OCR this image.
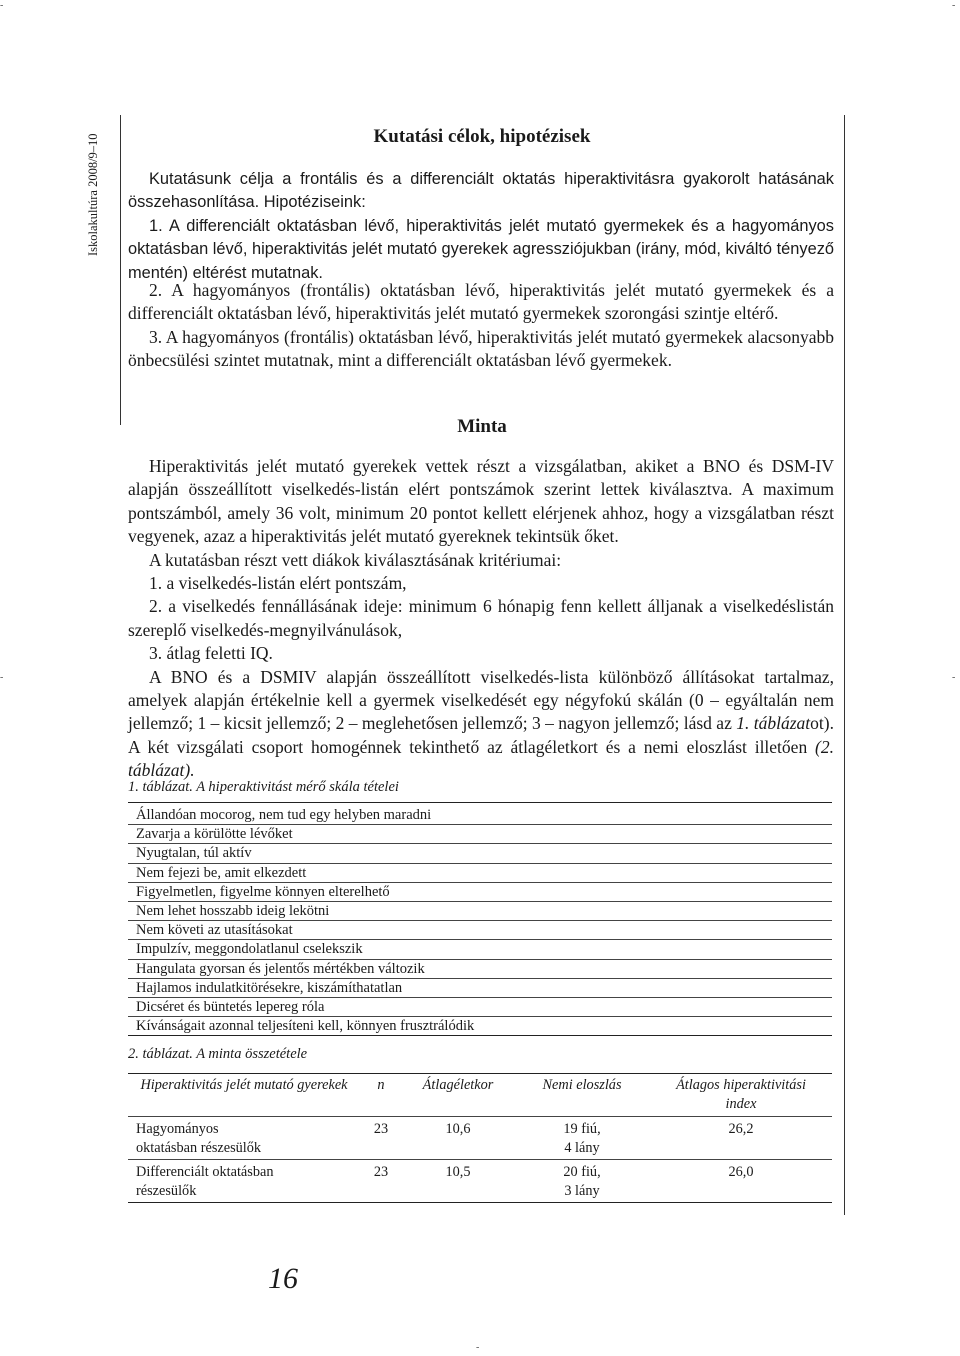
-	-
-	-
-
Iskolakultúra 2008/9–10	Kutatási célok, hipotézisek

Kutatásunk célja a frontális és a differenciált oktatás hiperaktivitásra gyakorolt hatásának összehasonlítása. Hipotéziseink:

1. A differenciált oktatásban lévő, hiperaktivitás jelét mutató gyermekek és a hagyományos oktatásban lévő, hiperaktivitás jelét mutató gyerekek agressziójukban (irány, mód, kiváltó tényező mentén) eltérést mutatnak.

2. A hagyományos (frontális) oktatásban lévő, hiperaktivitás jelét mutató gyermekek és a differenciált oktatásban lévő, hiperaktivitás jelét mutató gyermekek szorongási szintje eltérő.

3. A hagyományos (frontális) oktatásban lévő, hiperaktivitás jelét mutató gyermekek alacsonyabb önbecsülési szintet mutatnak, mint a differenciált oktatásban lévő gyermekek.

Minta

Hiperaktivitás jelét mutató gyerekek vettek részt a vizsgálatban, akiket a BNO és DSM-IV alapján összeállított viselkedés-listán elért pontszámok szerint lettek kiválasztva. A maximum pontszámból, amely 36 volt, minimum 20 pontot kellett elérjenek ahhoz, hogy a vizsgálatban részt vegyenek, azaz a hiperaktivitás jelét mutató gyereknek tekintsük őket.

A kutatásban részt vett diákok kiválasztásának kritériumai:

1. a viselkedés-listán elért pontszám,

2. a viselkedés fennállásának ideje: minimum 6 hónapig fenn kellett álljanak a viselkedéslistán szereplő viselkedés-megnyilvánulások,

3. átlag feletti IQ.

A BNO és a DSMIV alapján összeállított viselkedés-lista különböző állításokat tartalmaz, amelyek alapján értékelnie kell a gyermek viselkedését egy négyfokú skálán (0 – egyáltalán nem jellemző; 1 – kicsit jellemző; 2 – meglehetősen jellemző; 3 – nagyon jellemző; lásd az 1. táblázatot). A két vizsgálati csoport homogénnek tekinthető az átlagéletkort és a nemi eloszlást illetően (2. táblázat).

1. táblázat. A hiperaktivitást mérő skála tételei
Állandóan mocorog, nem tud egy helyben maradni
Zavarja a körülötte lévőket
Nyugtalan, túl aktív
Nem fejezi be, amit elkezdett
Figyelmetlen, figyelme könnyen elterelhető
Nem lehet hosszabb ideig lekötni
Nem követi az utasításokat
Impulzív, meggondolatlanul cselekszik
Hangulata gyorsan és jelentős mértékben változik
Hajlamos indulatkitörésekre, kiszámíthatatlan
Dicséret és büntetés lepereg róla
Kívánságait azonnal teljesíteni kell, könnyen frusztrálódik
2. táblázat. A minta összetétele
Hiperaktivitás jelét mutató gyerekek	n	Átlagéletkor	Nemi eloszlás	Átlagos hiperaktivitási index

Hagyományos oktatásban részesülők	23	10,6	19 fiú,
4 lány	26,2

Differenciált oktatásban részesülők	23	10,5	20 fiú,
3 lány	26,0

16
